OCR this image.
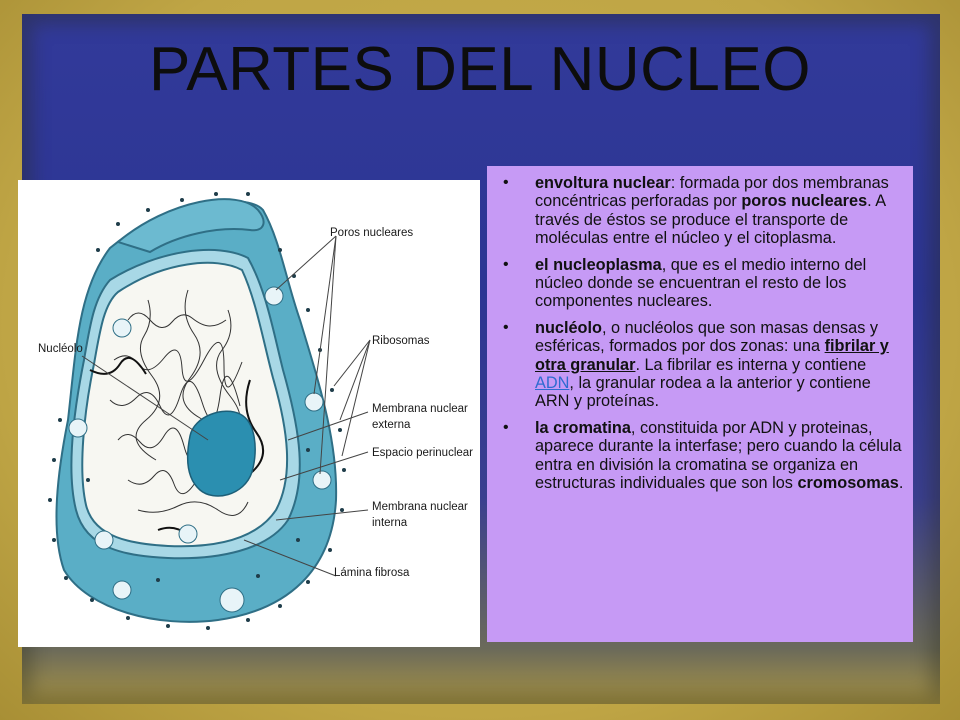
PARTES DEL NUCLEO
Poros nucleares
Ribosomas
Nucléolo
Membrana nuclear
externa
Espacio perinuclear
Membrana nuclear
interna
Lámina fibrosa
• envoltura nuclear: formada por dos membranas concéntricas perforadas por poros nucleares. A través de éstos se produce el transporte de moléculas entre el núcleo y el citoplasma.
• el nucleoplasma, que es el medio interno del núcleo donde se encuentran el resto de los componentes nucleares.
• nucléolo, o nucléolos que son masas densas y esféricas, formados por dos zonas: una fibrilar y otra granular. La fibrilar es interna y contiene ADN, la granular rodea a la anterior y contiene ARN y proteínas.
• la cromatina, constituida por ADN y proteinas, aparece durante la interfase; pero cuando la célula entra en división la cromatina se organiza en estructuras individuales que son los cromosomas.
